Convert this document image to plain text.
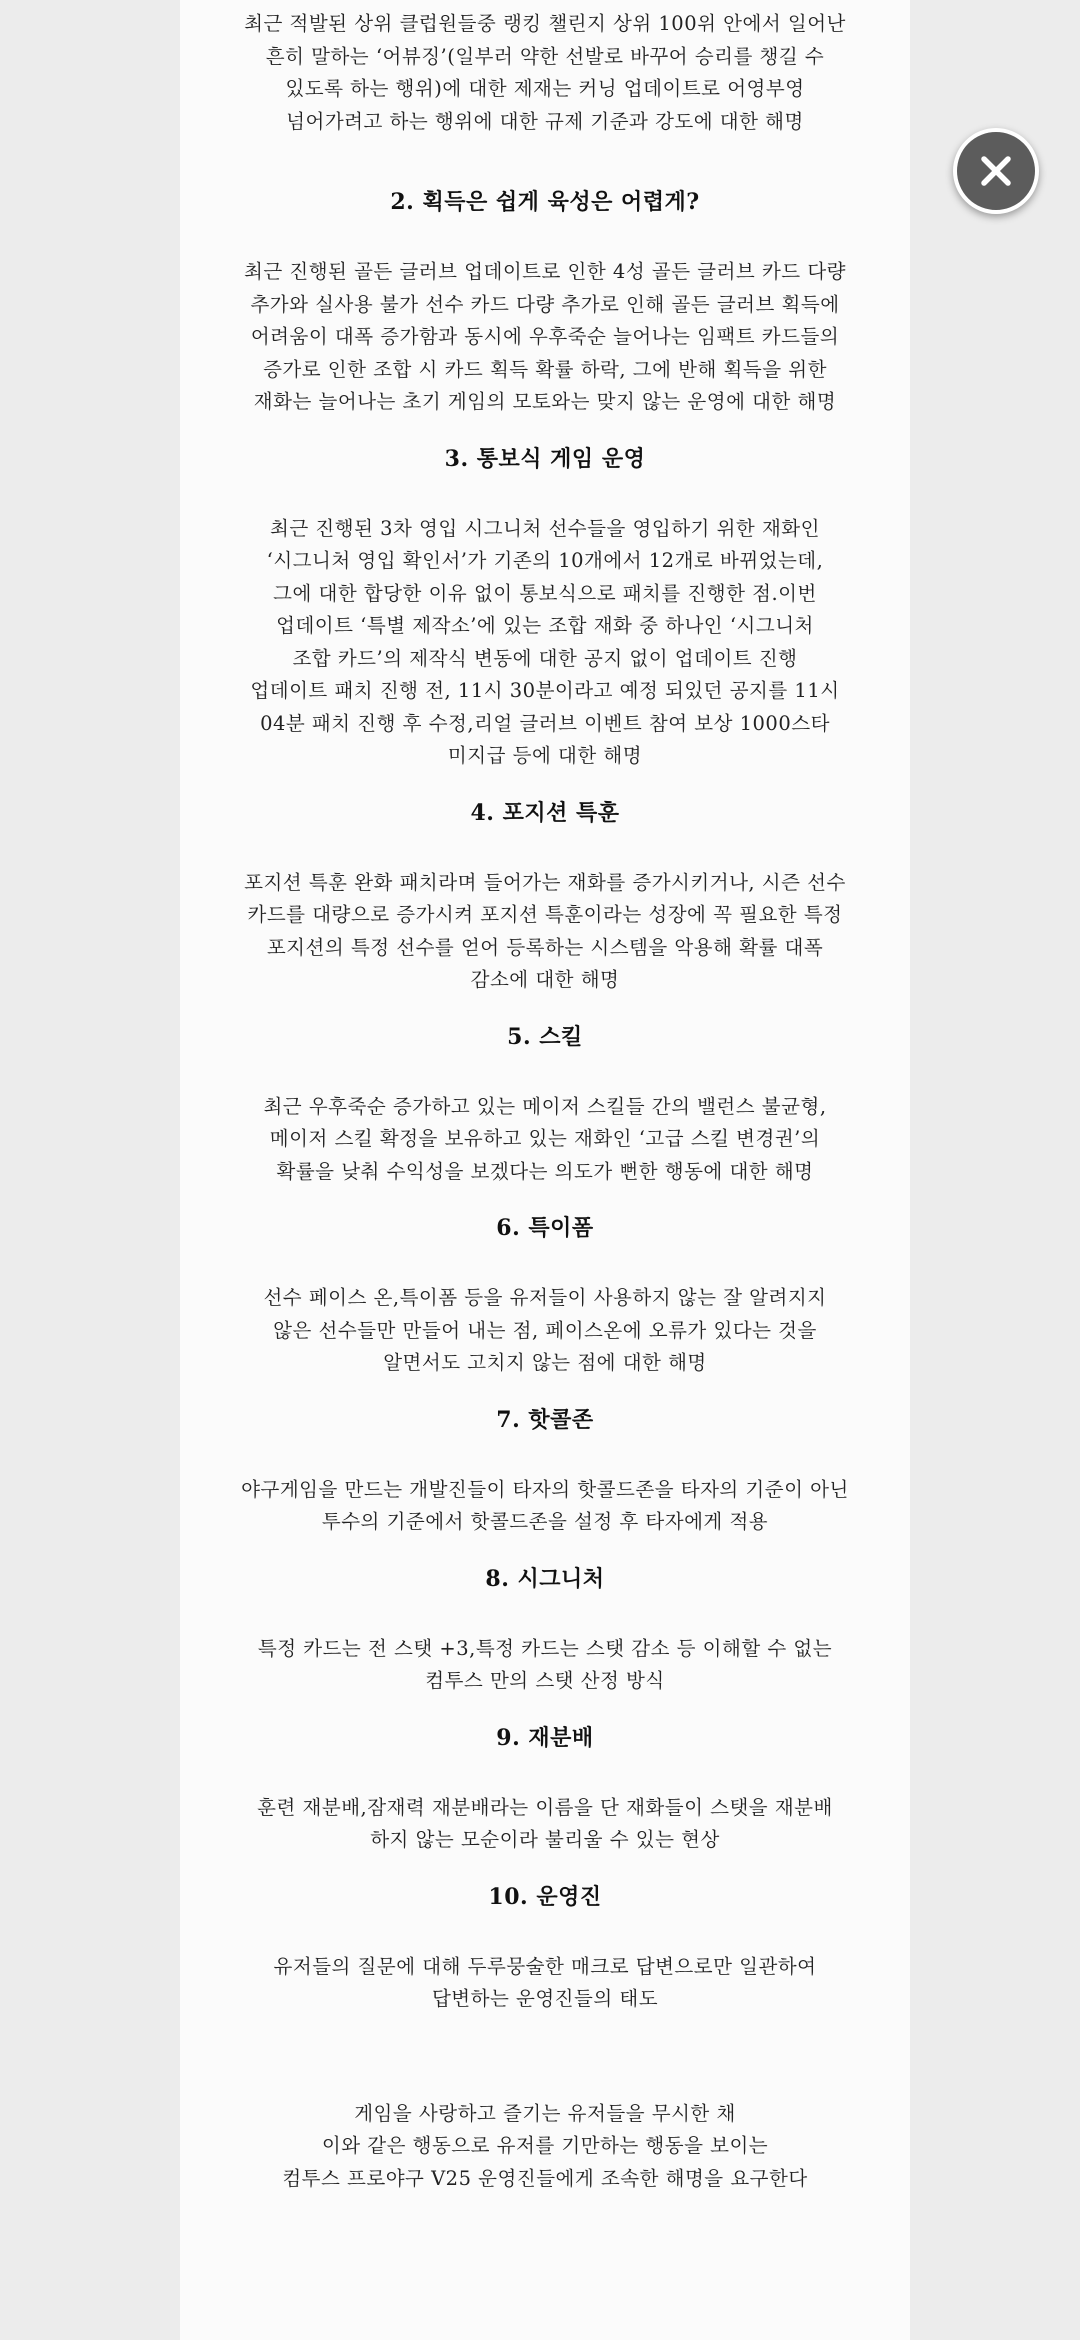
최근 적발된 상위 클럽원들중 랭킹 챌린지 상위 100위 안에서 일어난
흔히 말하는 ‘어뷰징’(일부러 약한 선발로 바꾸어 승리를 챙길 수
있도록 하는 행위)에 대한 제재는 커닝 업데이트로 어영부영
넘어가려고 하는 행위에 대한 규제 기준과 강도에 대한 해명

2. 획득은 쉽게 육성은 어렵게?

최근 진행된 골든 글러브 업데이트로 인한 4성 골든 글러브 카드 다량
추가와 실사용 불가 선수 카드 다량 추가로 인해 골든 글러브 획득에
어려움이 대폭 증가함과 동시에 우후죽순 늘어나는 임팩트 카드들의
증가로 인한 조합 시 카드 획득 확률 하락, 그에 반해 획득을 위한
재화는 늘어나는 초기 게임의 모토와는 맞지 않는 운영에 대한 해명

3. 통보식 게임 운영

최근 진행된 3차 영입 시그니처 선수들을 영입하기 위한 재화인
‘시그니처 영입 확인서’가 기존의 10개에서 12개로 바뀌었는데,
그에 대한 합당한 이유 없이 통보식으로 패치를 진행한 점.이번
업데이트 ‘특별 제작소’에 있는 조합 재화 중 하나인 ‘시그니처
조합 카드’의 제작식 변동에 대한 공지 없이 업데이트 진행
업데이트 패치 진행 전, 11시 30분이라고 예정 되있던 공지를 11시
04분 패치 진행 후 수정,리얼 글러브 이벤트 참여 보상 1000스타
미지급 등에 대한 해명

4. 포지션 특훈

포지션 특훈 완화 패치라며 들어가는 재화를 증가시키거나, 시즌 선수
카드를 대량으로 증가시켜 포지션 특훈이라는 성장에 꼭 필요한 특정
포지션의 특정 선수를 얻어 등록하는 시스템을 악용해 확률 대폭
감소에 대한 해명

5. 스킬

최근 우후죽순 증가하고 있는 메이저 스킬들 간의 밸런스 불균형,
메이저 스킬 확정을 보유하고 있는 재화인 ‘고급 스킬 변경권’의
확률을 낮춰 수익성을 보겠다는 의도가 뻔한 행동에 대한 해명

6. 특이폼

선수 페이스 온,특이폼 등을 유저들이 사용하지 않는 잘 알려지지
않은 선수들만 만들어 내는 점, 페이스온에 오류가 있다는 것을
알면서도 고치지 않는 점에 대한 해명

7. 핫콜존

야구게임을 만드는 개발진들이 타자의 핫콜드존을 타자의 기준이 아닌
투수의 기준에서 핫콜드존을 설정 후 타자에게 적용

8. 시그니처

특정 카드는 전 스탯 +3,특정 카드는 스탯 감소 등 이해할 수 없는
컴투스 만의 스탯 산정 방식

9. 재분배

훈련 재분배,잠재력 재분배라는 이름을 단 재화들이 스탯을 재분배
하지 않는 모순이라 불리울 수 있는 현상

10. 운영진

유저들의 질문에 대해 두루뭉술한 매크로 답변으로만 일관하여
답변하는 운영진들의 태도

게임을 사랑하고 즐기는 유저들을 무시한 채
이와 같은 행동으로 유저를 기만하는 행동을 보이는
컴투스 프로야구 V25 운영진들에게 조속한 해명을 요구한다
